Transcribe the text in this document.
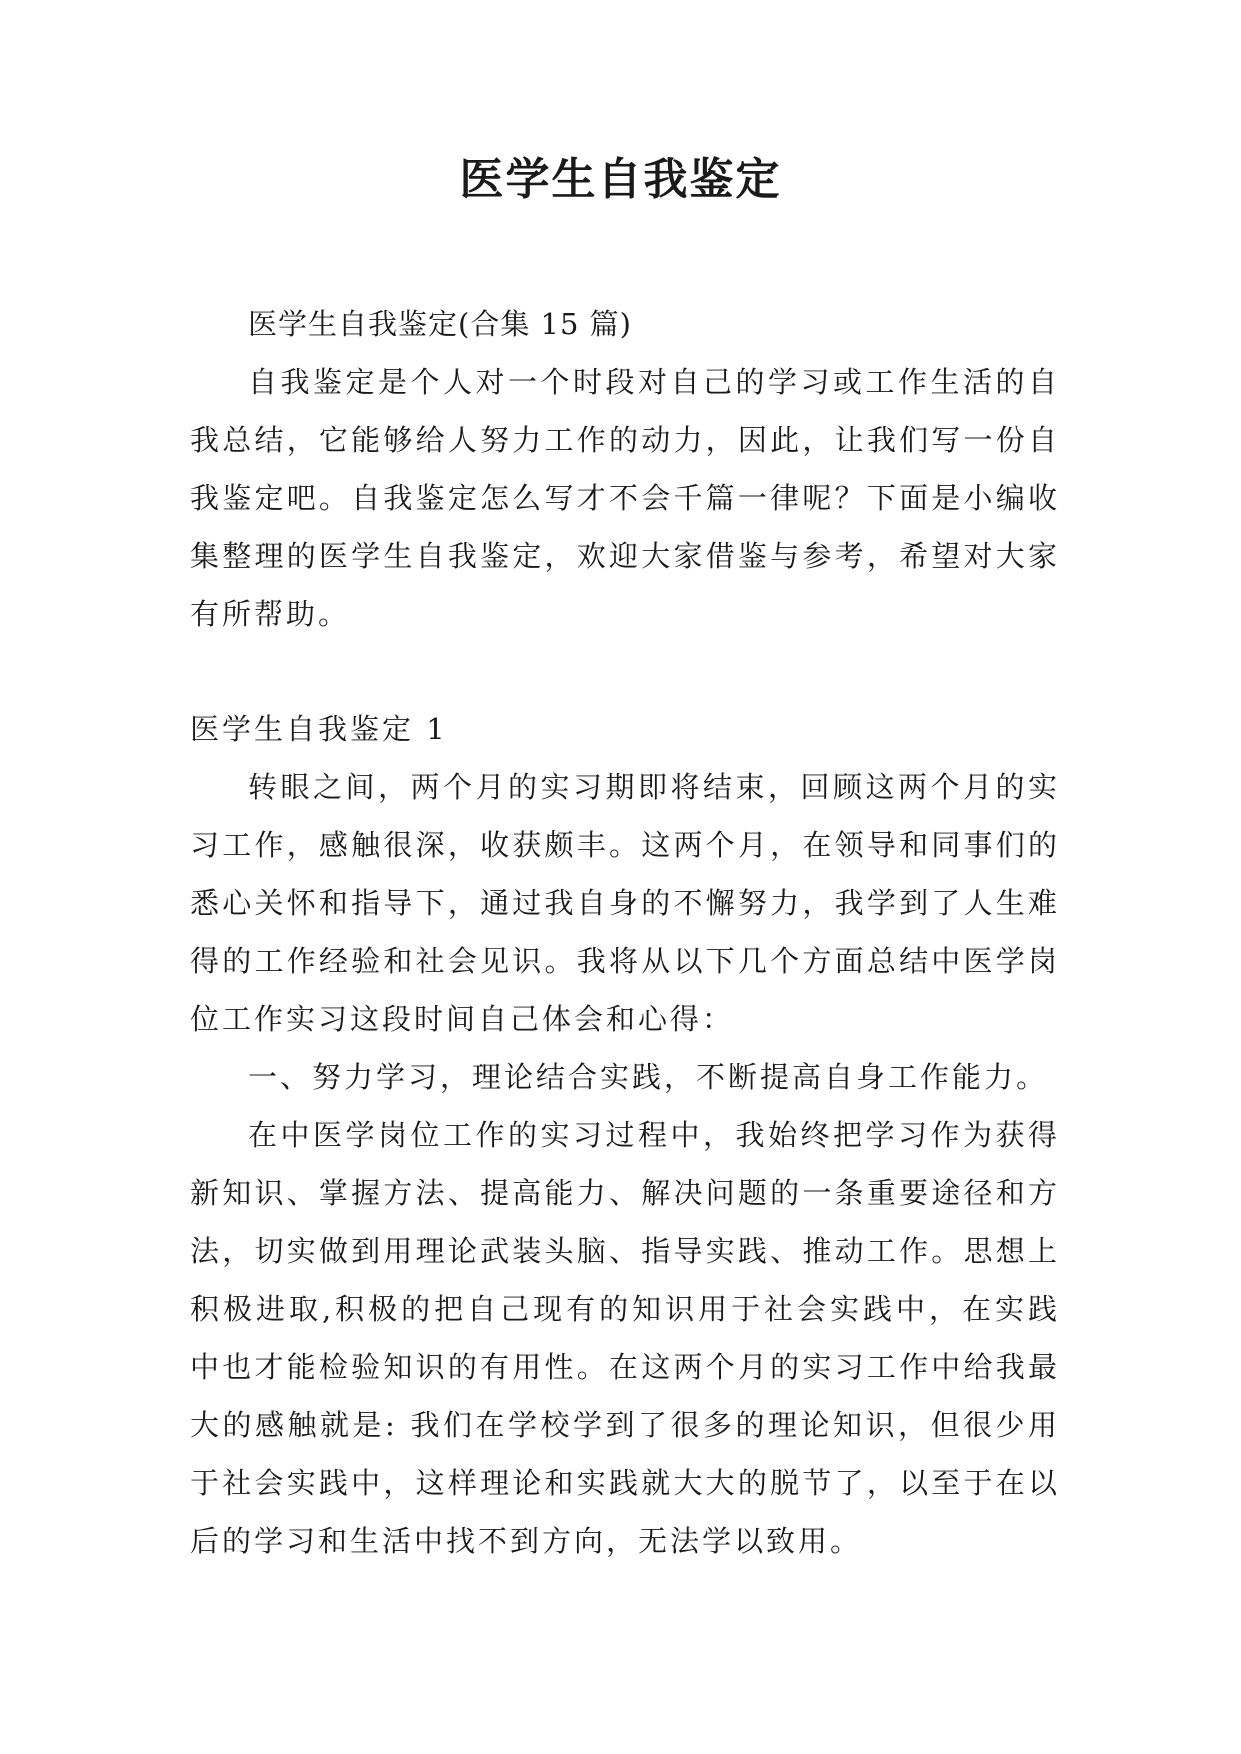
医学生自我鉴定

医学生自我鉴定(合集 15 篇)

自我鉴定是个人对一个时段对自己的学习或工作生活的自我总结，它能够给人努力工作的动力，因此，让我们写一份自我鉴定吧。自我鉴定怎么写才不会千篇一律呢？下面是小编收集整理的医学生自我鉴定，欢迎大家借鉴与参考，希望对大家有所帮助。

医学生自我鉴定 1

转眼之间，两个月的实习期即将结束，回顾这两个月的实习工作，感触很深，收获颇丰。这两个月，在领导和同事们的悉心关怀和指导下，通过我自身的不懈努力，我学到了人生难得的工作经验和社会见识。我将从以下几个方面总结中医学岗位工作实习这段时间自己体会和心得：

一、努力学习，理论结合实践，不断提高自身工作能力。

在中医学岗位工作的实习过程中，我始终把学习作为获得新知识、掌握方法、提高能力、解决问题的一条重要途径和方法，切实做到用理论武装头脑、指导实践、推动工作。思想上积极进取,积极的把自己现有的知识用于社会实践中，在实践中也才能检验知识的有用性。在这两个月的实习工作中给我最大的感触就是: 我们在学校学到了很多的理论知识，但很少用于社会实践中，这样理论和实践就大大的脱节了，以至于在以后的学习和生活中找不到方向，无法学以致用。
